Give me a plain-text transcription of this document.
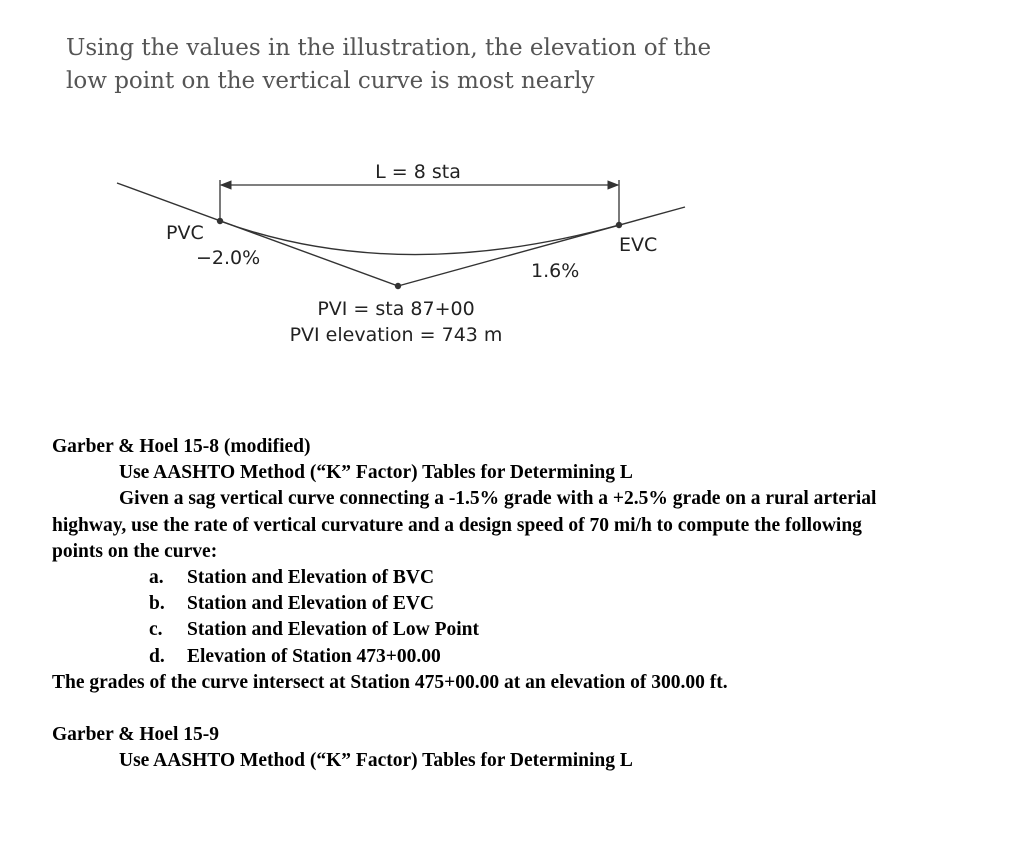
Using the values in the illustration, the elevation of the
low point on the vertical curve is most nearly
L = 8 sta
PVC
−2.0%
EVC
1.6%
PVI = sta 87+00
PVI elevation = 743 m
Garber & Hoel 15-8 (modified)
Use AASHTO Method (“K” Factor) Tables for Determining L
Given a sag vertical curve connecting a -1.5% grade with a +2.5% grade on a rural arterial
highway, use the rate of vertical curvature and a design speed of 70 mi/h to compute the following
points on the curve:
a.	Station and Elevation of BVC
b.	Station and Elevation of EVC
c.	Station and Elevation of Low Point
d.	Elevation of Station 473+00.00
The grades of the curve intersect at Station 475+00.00 at an elevation of 300.00 ft.
Garber & Hoel 15-9
Use AASHTO Method (“K” Factor) Tables for Determining L
